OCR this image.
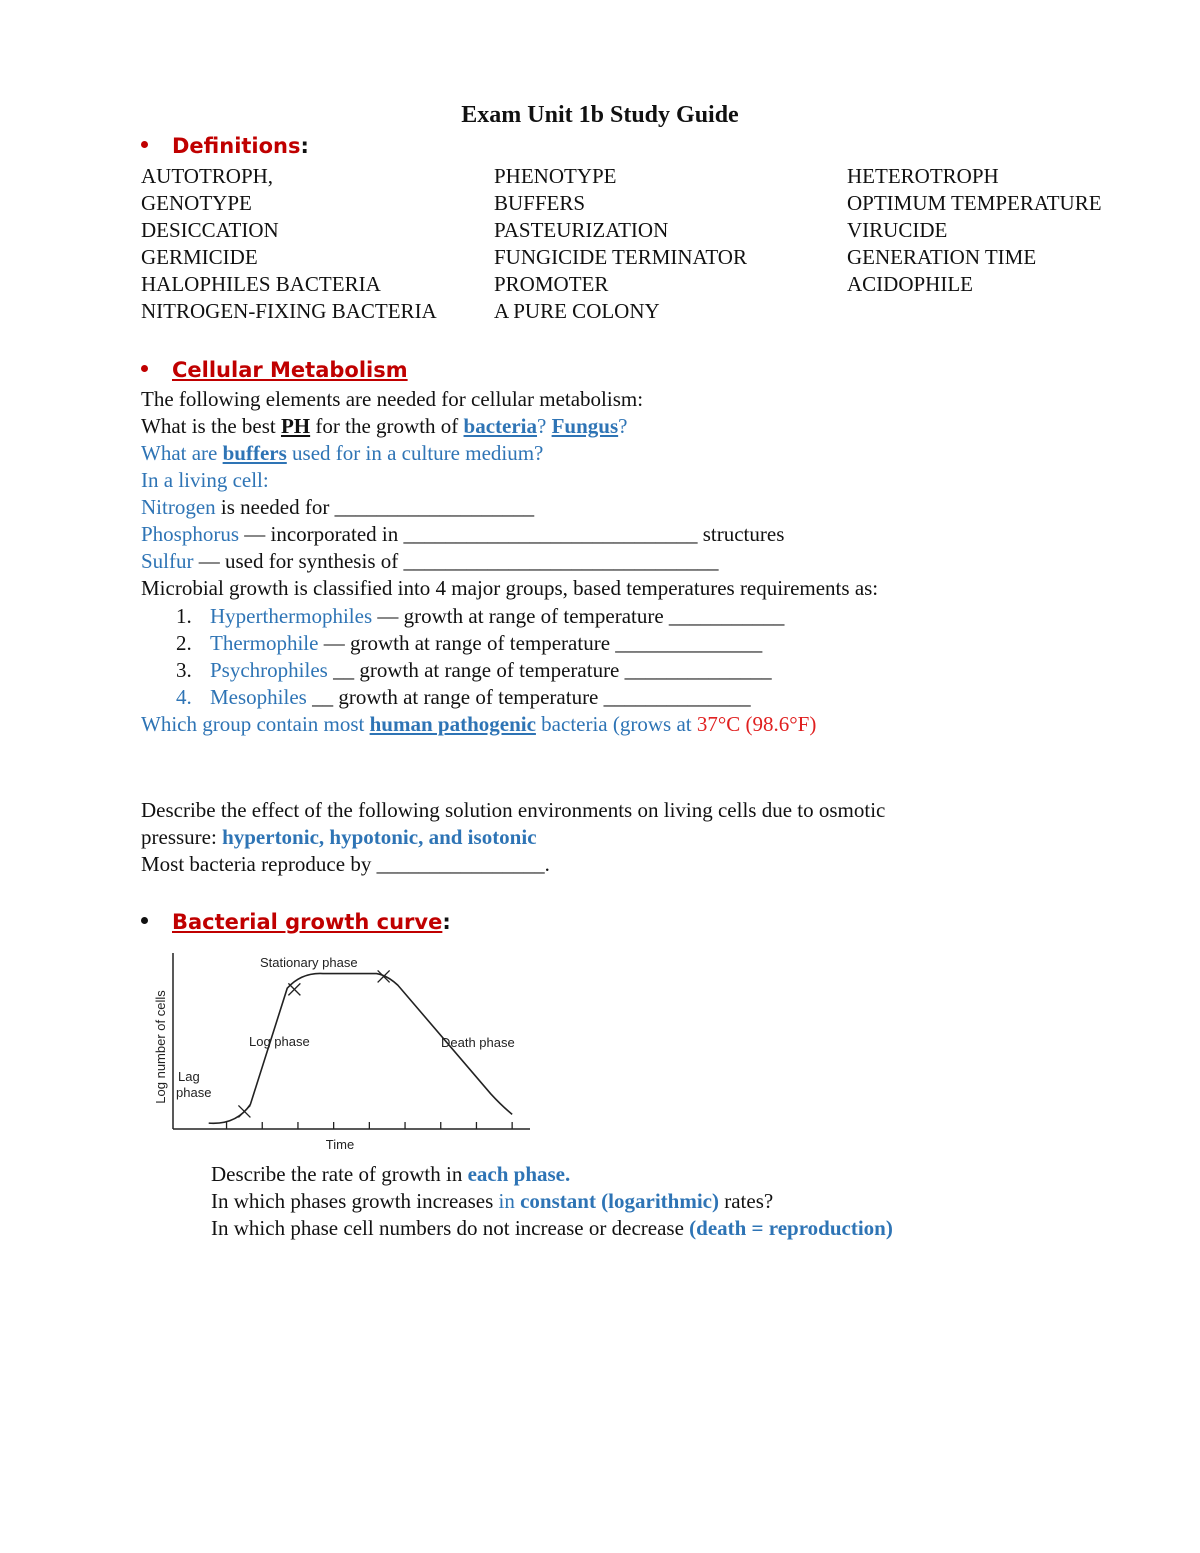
Exam Unit 1b Study Guide
Definitions:
AUTOTROPH,
GENOTYPE
DESICCATION
GERMICIDE
HALOPHILES BACTERIA
NITROGEN-FIXING BACTERIA
PHENOTYPE
BUFFERS
PASTEURIZATION
FUNGICIDE TERMINATOR
PROMOTER
A PURE COLONY
HETEROTROPH
OPTIMUM TEMPERATURE
VIRUCIDE
GENERATION TIME
ACIDOPHILE
Cellular Metabolism
The following elements are needed for cellular metabolism:
What is the best PH for the growth of bacteria? Fungus?
What are buffers used for in a culture medium?
In a living cell:
Nitrogen is needed for ___________________
Phosphorus — incorporated in ____________________________ structures
Sulfur — used for synthesis of ______________________________
Microbial growth is classified into 4 major groups, based temperatures requirements as:
1. Hyperthermophiles — growth at range of temperature ___________
2. Thermophile — growth at range of temperature ______________
3. Psychrophiles __ growth at range of temperature ______________
4. Mesophiles __ growth at range of temperature ______________
Which group contain most human pathogenic bacteria (grows at 37°C (98.6°F)
Describe the effect of the following solution environments on living cells due to osmotic
pressure: hypertonic, hypotonic, and isotonic
Most bacteria reproduce by ________________.
Bacterial growth curve:
Log number of cells
Time
Lag
phase
Log phase
Stationary phase
Death phase
Describe the rate of growth in each phase.
In which phases growth increases in constant (logarithmic) rates?
In which phase cell numbers do not increase or decrease (death = reproduction)
